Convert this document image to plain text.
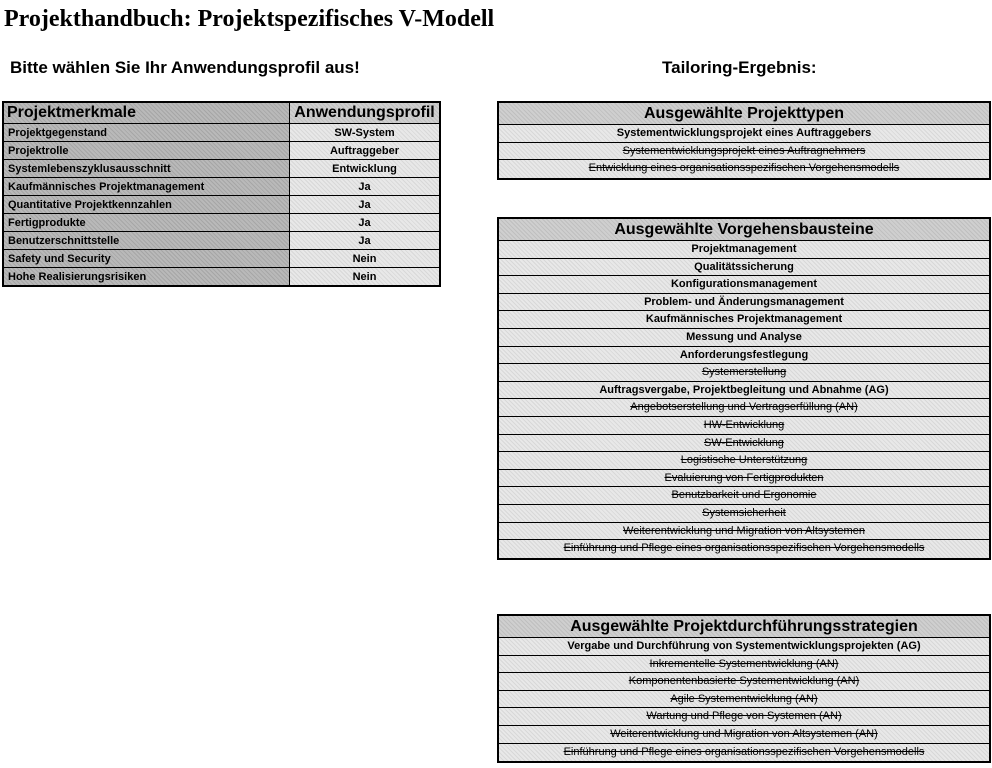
Projekthandbuch: Projektspezifisches V-Modell
Bitte wählen Sie Ihr Anwendungsprofil aus!	Tailoring-Ergebnis:
Projektmerkmale	Anwendungsprofil
Projektgegenstand	SW-System
Projektrolle	Auftraggeber
Systemlebenszyklusausschnitt	Entwicklung
Kaufmännisches Projektmanagement	Ja
Quantitative Projektkennzahlen	Ja
Fertigprodukte	Ja
Benutzerschnittstelle	Ja
Safety und Security	Nein
Hohe Realisierungsrisiken	Nein
Ausgewählte Projekttypen
Systementwicklungsprojekt eines Auftraggebers
Systementwicklungsprojekt eines Auftragnehmers
Entwicklung eines organisationsspezifischen Vorgehensmodells
Ausgewählte Vorgehensbausteine
Projektmanagement
Qualitätssicherung
Konfigurationsmanagement
Problem- und Änderungsmanagement
Kaufmännisches Projektmanagement
Messung und Analyse
Anforderungsfestlegung
Systemerstellung
Auftragsvergabe, Projektbegleitung und Abnahme (AG)
Angebotserstellung und Vertragserfüllung (AN)
HW-Entwicklung
SW-Entwicklung
Logistische Unterstützung
Evaluierung von Fertigprodukten
Benutzbarkeit und Ergonomie
Systemsicherheit
Weiterentwicklung und Migration von Altsystemen
Einführung und Pflege eines organisationsspezifischen Vorgehensmodells
Ausgewählte Projektdurchführungsstrategien
Vergabe und Durchführung von Systementwicklungsprojekten (AG)
Inkrementelle Systementwicklung (AN)
Komponentenbasierte Systementwicklung (AN)
Agile Systementwicklung (AN)
Wartung und Pflege von Systemen (AN)
Weiterentwicklung und Migration von Altsystemen (AN)
Einführung und Pflege eines organisationsspezifischen Vorgehensmodells
